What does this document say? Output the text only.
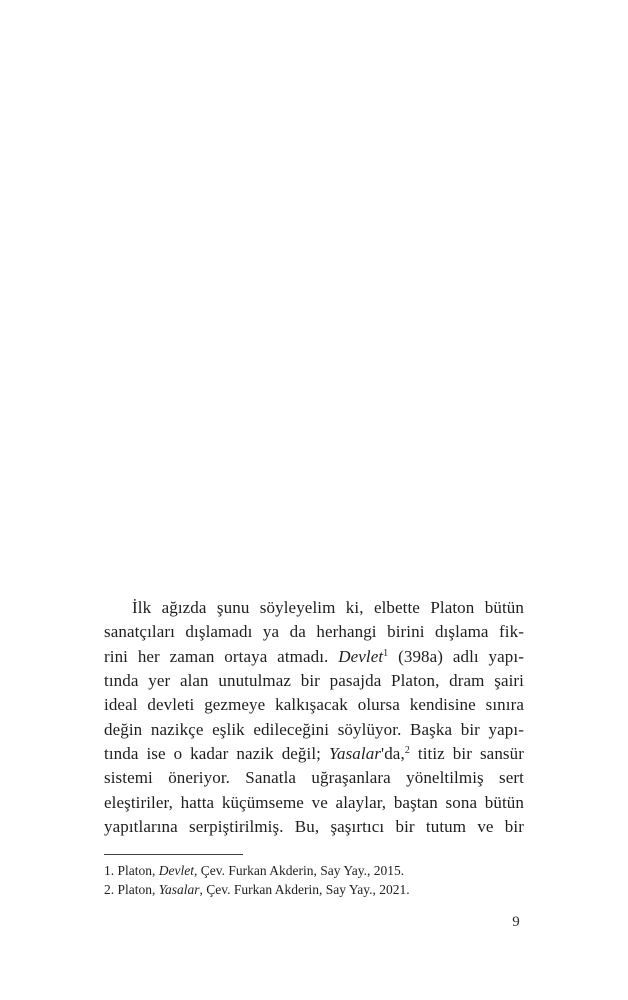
İlk ağızda şunu söyleyelim ki, elbette Platon bütün
sanatçıları dışlamadı ya da herhangi birini dışlama fik-
rini her zaman ortaya atmadı. Devlet$^1$ (398a) adlı yapı-
tında yer alan unutulmaz bir pasajda Platon, dram şairi
ideal devleti gezmeye kalkışacak olursa kendisine sınıra
değin nazikçe eşlik edileceğini söylüyor. Başka bir yapı-
tında ise o kadar nazik değil; Yasalar'da,$^2$ titiz bir sansür
sistemi öneriyor. Sanatla uğraşanlara yöneltilmiş sert
eleştiriler, hatta küçümseme ve alaylar, baştan sona bütün
yapıtlarına serpiştirilmiş. Bu, şaşırtıcı bir tutum ve bir
1. Platon, Devlet, Çev. Furkan Akderin, Say Yay., 2015.
2. Platon, Yasalar, Çev. Furkan Akderin, Say Yay., 2021.
9
